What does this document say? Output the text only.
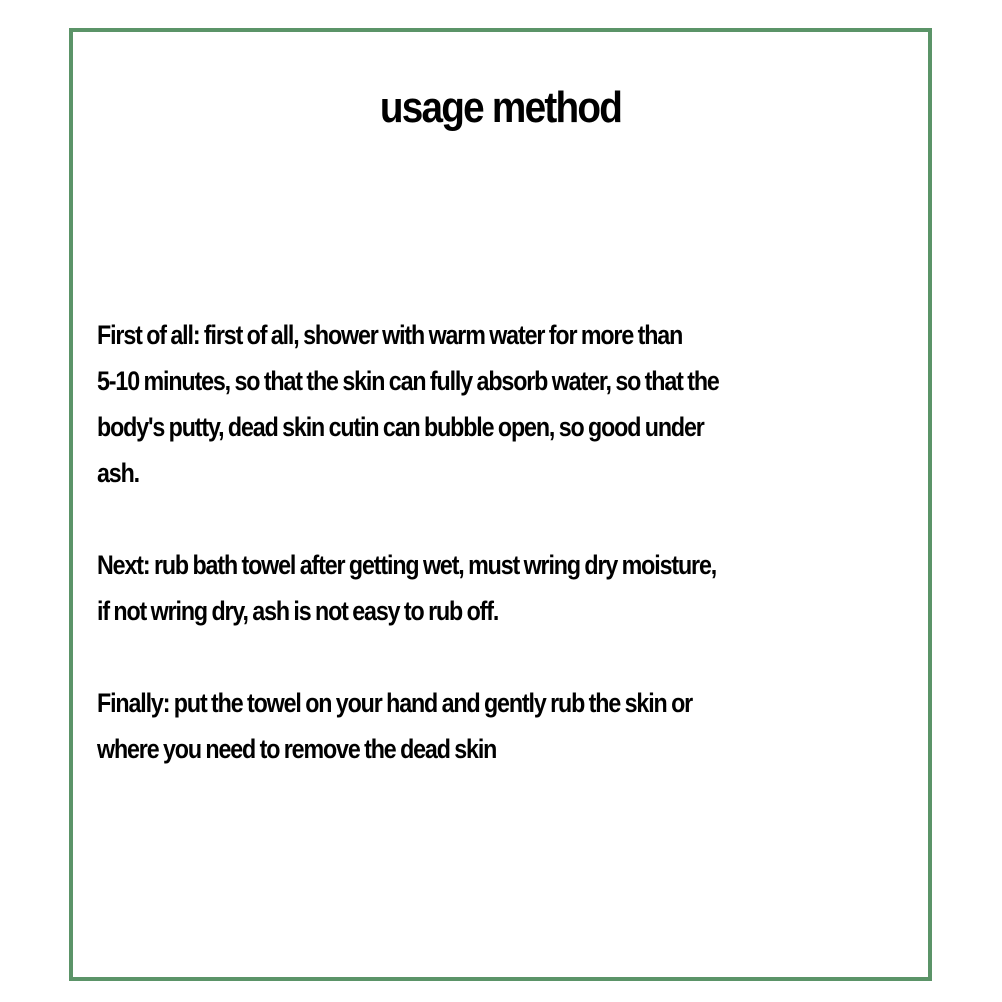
usage method

First of all: first of all, shower with warm water for more than
5-10 minutes, so that the skin can fully absorb water, so that the
body's putty, dead skin cutin can bubble open, so good under
ash.

Next: rub bath towel after getting wet, must wring dry moisture,
if not wring dry, ash is not easy to rub off.

Finally: put the towel on your hand and gently rub the skin or
where you need to remove the dead skin
